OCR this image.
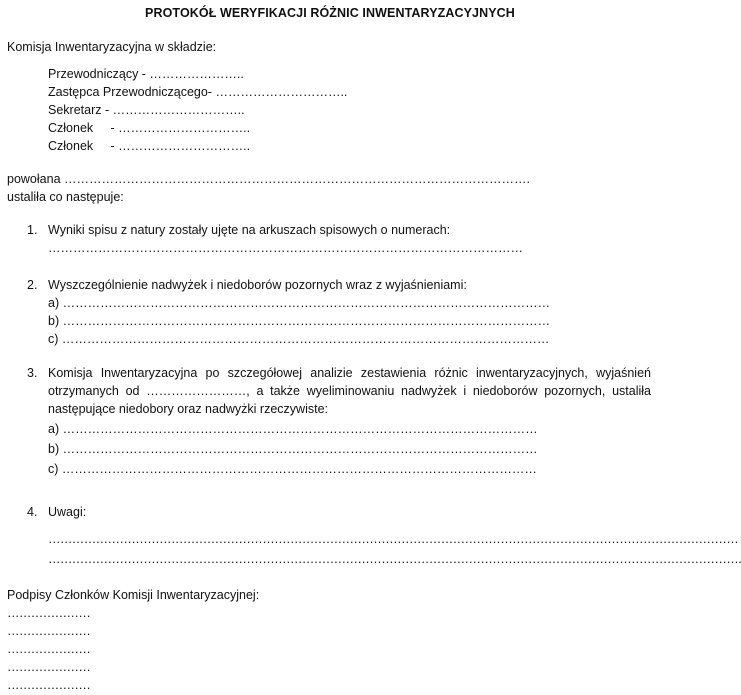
PROTOKÓŁ WERYFIKACJI RÓŻNIC INWENTARYZACYJNYCH
Komisja Inwentaryzacyjna w składzie:
Przewodniczący - …………………..
Zastępca Przewodniczącego- …………………………..
Sekretarz - …………………………..
Członek     - …………………………..
Członek     - …………………………..
powołana ………………………………………………………………………………………………….
ustaliła co następuje:
1. Wyniki spisu z natury zostały ujęte na arkuszach spisowych o numerach:
……………………………………………………………………………………………………
2. Wyszczególnienie nadwyżek i niedoborów pozornych wraz z wyjaśnieniami:
a) ………………………………………………………………………………………………………
b) ………………………………………………………………………………………………………
c) ………………………………………………………………………………………………………
3. Komisja Inwentaryzacyjna po szczegółowej analizie zestawienia różnic inwentaryzacyjnych, wyjaśnień
otrzymanych od ……………………, a także wyeliminowaniu nadwyżek i niedoborów pozornych, ustaliła
następujące niedobory oraz nadwyżki rzeczywiste:
a) ……………………………………………………………………………………………………
b) ……………………………………………………………………………………………………
c) ……………………………………………………………………………………………………
4. Uwagi:
…………………………………………………………………………………………………………………………………………………………
………………………………………………………………………………………………………………………………………………………….
Podpisy Członków Komisji Inwentaryzacyjnej:
…………………
…………………
…………………
…………………
…………………
